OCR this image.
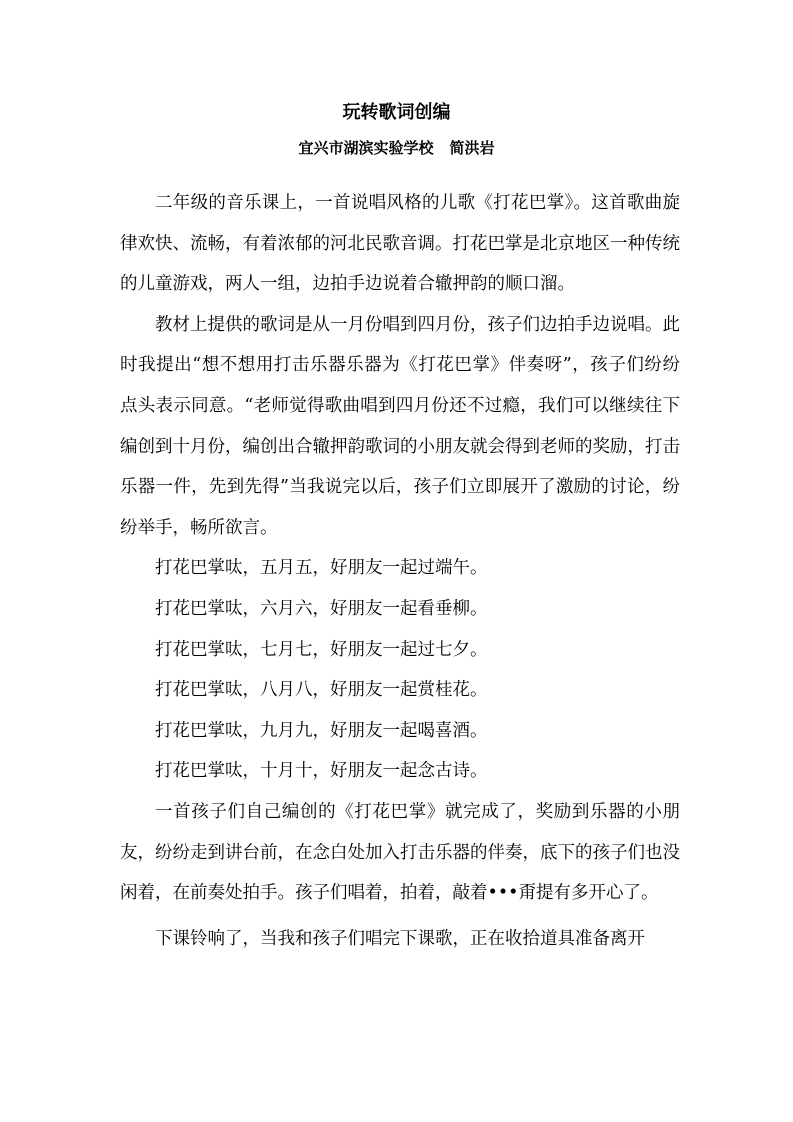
玩转歌词创编
宜兴市湖滨实验学校 简洪岩

二年级的音乐课上，一首说唱风格的儿歌《打花巴掌》。这首歌曲旋律欢快、流畅，有着浓郁的河北民歌音调。打花巴掌是北京地区一种传统的儿童游戏，两人一组，边拍手边说着合辙押韵的顺口溜。

教材上提供的歌词是从一月份唱到四月份，孩子们边拍手边说唱。此时我提出“想不想用打击乐器乐器为《打花巴掌》伴奏呀”，孩子们纷纷点头表示同意。“老师觉得歌曲唱到四月份还不过瘾，我们可以继续往下编创到十月份，编创出合辙押韵歌词的小朋友就会得到老师的奖励，打击乐器一件，先到先得”当我说完以后，孩子们立即展开了激励的讨论，纷纷举手，畅所欲言。

打花巴掌呔，五月五，好朋友一起过端午。

打花巴掌呔，六月六，好朋友一起看垂柳。

打花巴掌呔，七月七，好朋友一起过七夕。

打花巴掌呔，八月八，好朋友一起赏桂花。

打花巴掌呔，九月九，好朋友一起喝喜酒。

打花巴掌呔，十月十，好朋友一起念古诗。

一首孩子们自己编创的《打花巴掌》就完成了，奖励到乐器的小朋友，纷纷走到讲台前，在念白处加入打击乐器的伴奏，底下的孩子们也没闲着，在前奏处拍手。孩子们唱着，拍着，敲着•••甭提有多开心了。

下课铃响了，当我和孩子们唱完下课歌，正在收拾道具准备离开
